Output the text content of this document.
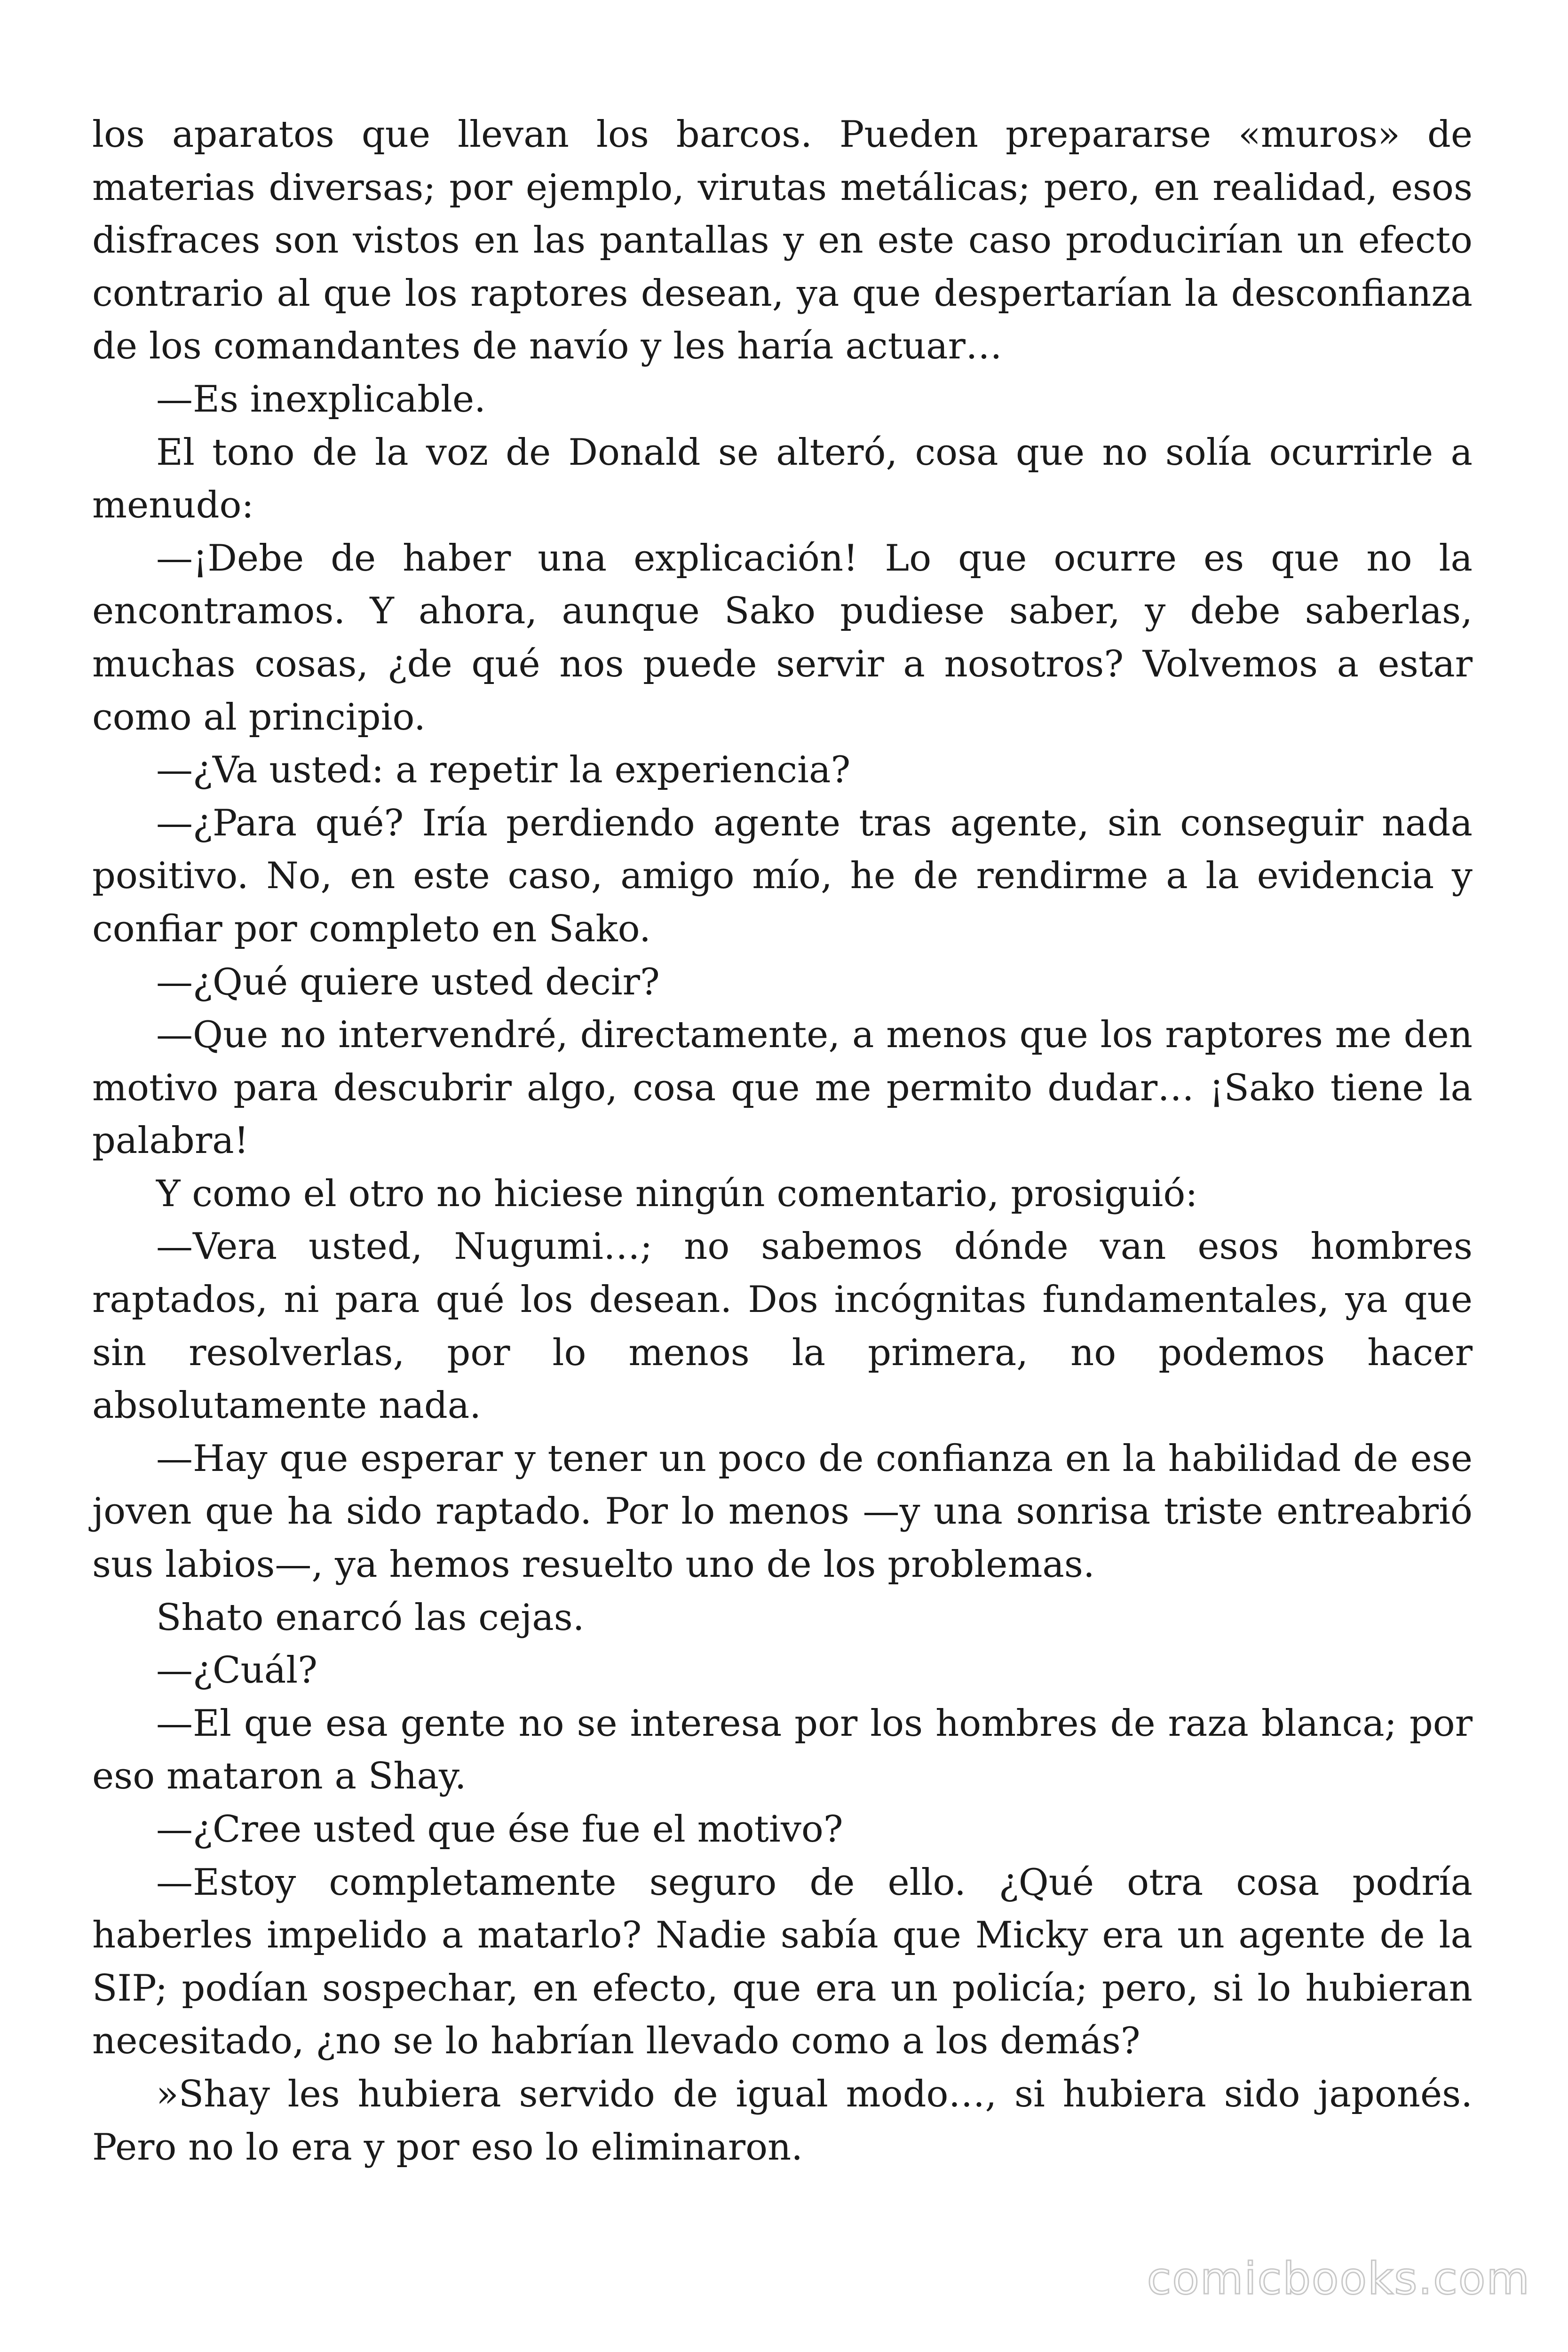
los aparatos que llevan los barcos. Pueden prepararse «muros» de materias diversas; por ejemplo, virutas metálicas; pero, en realidad, esos disfraces son vistos en las pantallas y en este caso producirían un efecto contrario al que los raptores desean, ya que despertarían la desconfianza de los comandantes de navío y les haría actuar…

—Es inexplicable.

El tono de la voz de Donald se alteró, cosa que no solía ocurrirle a menudo:

—¡Debe de haber una explicación! Lo que ocurre es que no la encontramos. Y ahora, aunque Sako pudiese saber, y debe saberlas, muchas cosas, ¿de qué nos puede servir a nosotros? Volvemos a estar como al principio.

—¿Va usted: a repetir la experiencia?

—¿Para qué? Iría perdiendo agente tras agente, sin conseguir nada positivo. No, en este caso, amigo mío, he de rendirme a la evidencia y confiar por completo en Sako.

—¿Qué quiere usted decir?

—Que no intervendré, directamente, a menos que los raptores me den motivo para descubrir algo, cosa que me permito dudar… ¡Sako tiene la palabra!

Y como el otro no hiciese ningún comentario, prosiguió:

—Vera usted, Nugumi…; no sabemos dónde van esos hombres raptados, ni para qué los desean. Dos incógnitas fundamentales, ya que sin resolverlas, por lo menos la primera, no podemos hacer absolutamente nada.

—Hay que esperar y tener un poco de confianza en la habilidad de ese joven que ha sido raptado. Por lo menos —y una sonrisa triste entreabrió sus labios—, ya hemos resuelto uno de los problemas.

Shato enarcó las cejas.

—¿Cuál?

—El que esa gente no se interesa por los hombres de raza blanca; por eso mataron a Shay.

—¿Cree usted que ése fue el motivo?

—Estoy completamente seguro de ello. ¿Qué otra cosa podría haberles impelido a matarlo? Nadie sabía que Micky era un agente de la SIP; podían sospechar, en efecto, que era un policía; pero, si lo hubieran necesitado, ¿no se lo habrían llevado como a los demás?

»Shay les hubiera servido de igual modo…, si hubiera sido japonés. Pero no lo era y por eso lo eliminaron.

comicbooks.com
